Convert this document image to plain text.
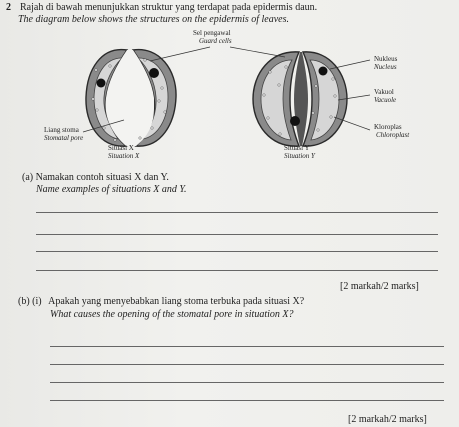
2 Rajah di bawah menunjukkan struktur yang terdapat pada epidermis daun.
The diagram below shows the structures on the epidermis of leaves.
Sel pengawal
Guard cells
Nukleus
Nucleus
Vakuol
Vacuole
Kloroplas
Chloroplast
Liang stoma
Stomatal pore
Situasi X
Situation X
Situasi Y
Situation Y
(a) Namakan contoh situasi X dan Y.
Name examples of situations X and Y.
[2 markah/2 marks]
(b) (i) Apakah yang menyebabkan liang stoma terbuka pada situasi X?
What causes the opening of the stomatal pore in situation X?
[2 markah/2 marks]
